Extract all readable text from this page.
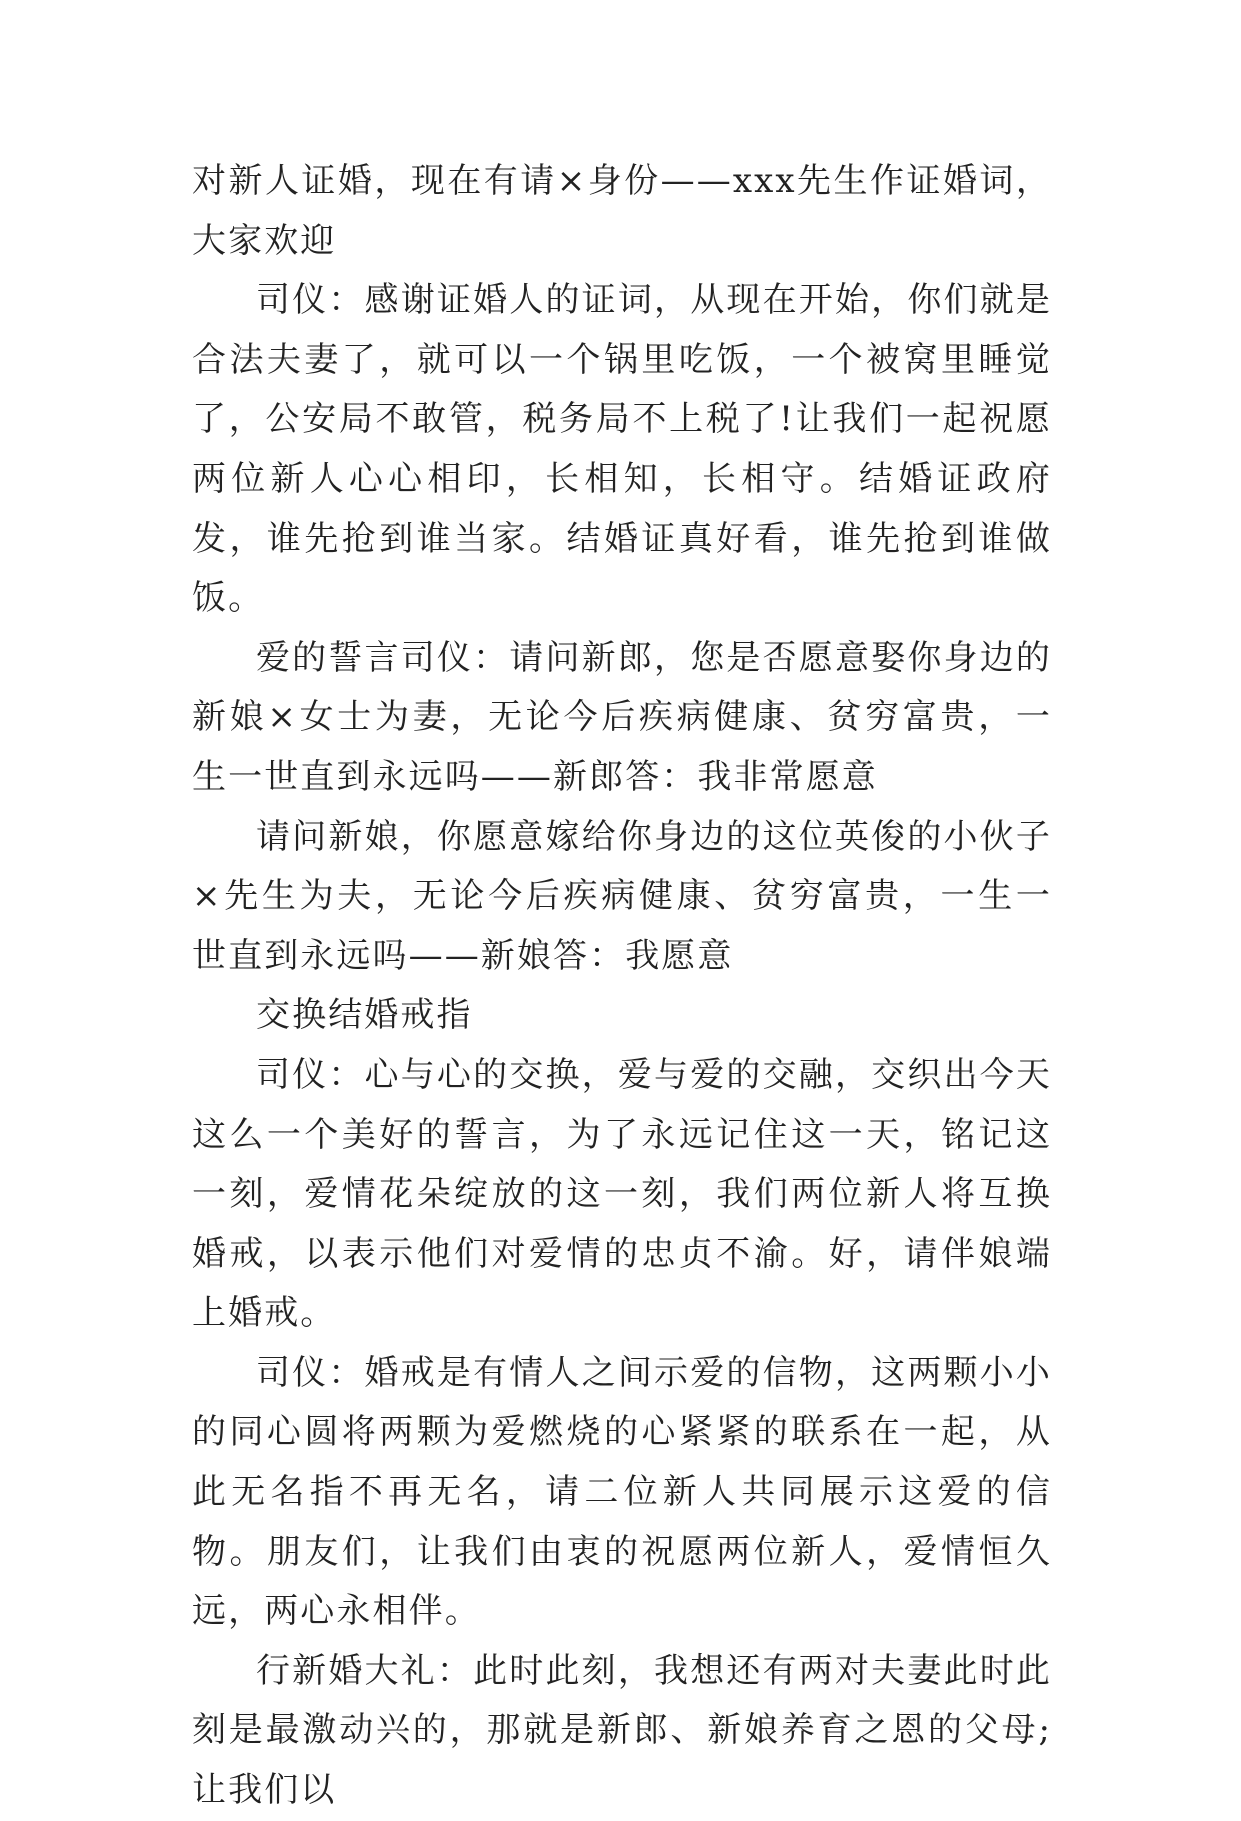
对新人证婚，现在有请×身份——xxx先生作证婚词，大家欢迎

司仪：感谢证婚人的证词，从现在开始，你们就是合法夫妻了，就可以一个锅里吃饭，一个被窝里睡觉了，公安局不敢管，税务局不上税了!让我们一起祝愿两位新人心心相印，长相知，长相守。结婚证政府发，谁先抢到谁当家。结婚证真好看，谁先抢到谁做饭。

爱的誓言司仪：请问新郎，您是否愿意娶你身边的新娘×女士为妻，无论今后疾病健康、贫穷富贵，一生一世直到永远吗——新郎答：我非常愿意

请问新娘，你愿意嫁给你身边的这位英俊的小伙子×先生为夫，无论今后疾病健康、贫穷富贵，一生一世直到永远吗——新娘答：我愿意

交换结婚戒指

司仪：心与心的交换，爱与爱的交融，交织出今天这么一个美好的誓言，为了永远记住这一天，铭记这一刻，爱情花朵绽放的这一刻，我们两位新人将互换婚戒，以表示他们对爱情的忠贞不渝。好，请伴娘端上婚戒。

司仪：婚戒是有情人之间示爱的信物，这两颗小小的同心圆将两颗为爱燃烧的心紧紧的联系在一起，从此无名指不再无名，请二位新人共同展示这爱的信物。朋友们，让我们由衷的祝愿两位新人，爱情恒久远，两心永相伴。

行新婚大礼：此时此刻，我想还有两对夫妻此时此刻是最激动兴的，那就是新郎、新娘养育之恩的父母;让我们以
